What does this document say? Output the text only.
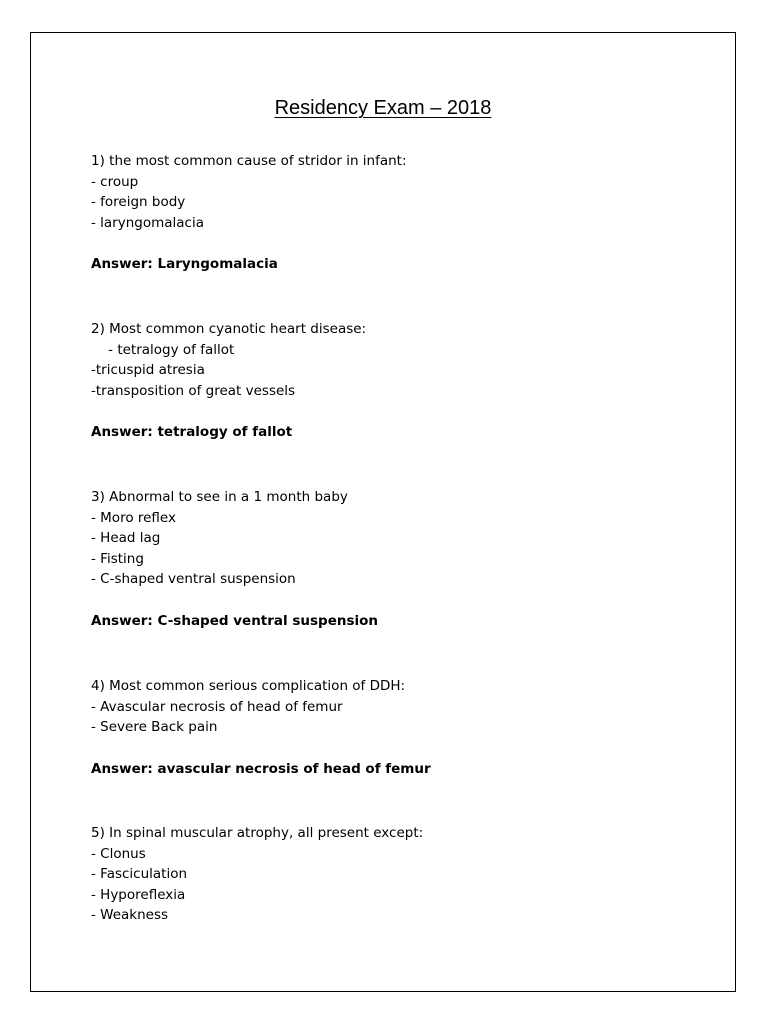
Residency Exam – 2018
1) the most common cause of stridor in infant:
- croup
- foreign body
- laryngomalacia
Answer: Laryngomalacia
2) Most common cyanotic heart disease:
- tetralogy of fallot
-tricuspid atresia
-transposition of great vessels
Answer: tetralogy of fallot
3) Abnormal to see in a 1 month baby
- Moro reflex
- Head lag
- Fisting
- C-shaped ventral suspension
Answer: C-shaped ventral suspension
4) Most common serious complication of DDH:
- Avascular necrosis of head of femur
- Severe Back pain
Answer: avascular necrosis of head of femur
5) In spinal muscular atrophy, all present except:
- Clonus
- Fasciculation
- Hyporeflexia
- Weakness
